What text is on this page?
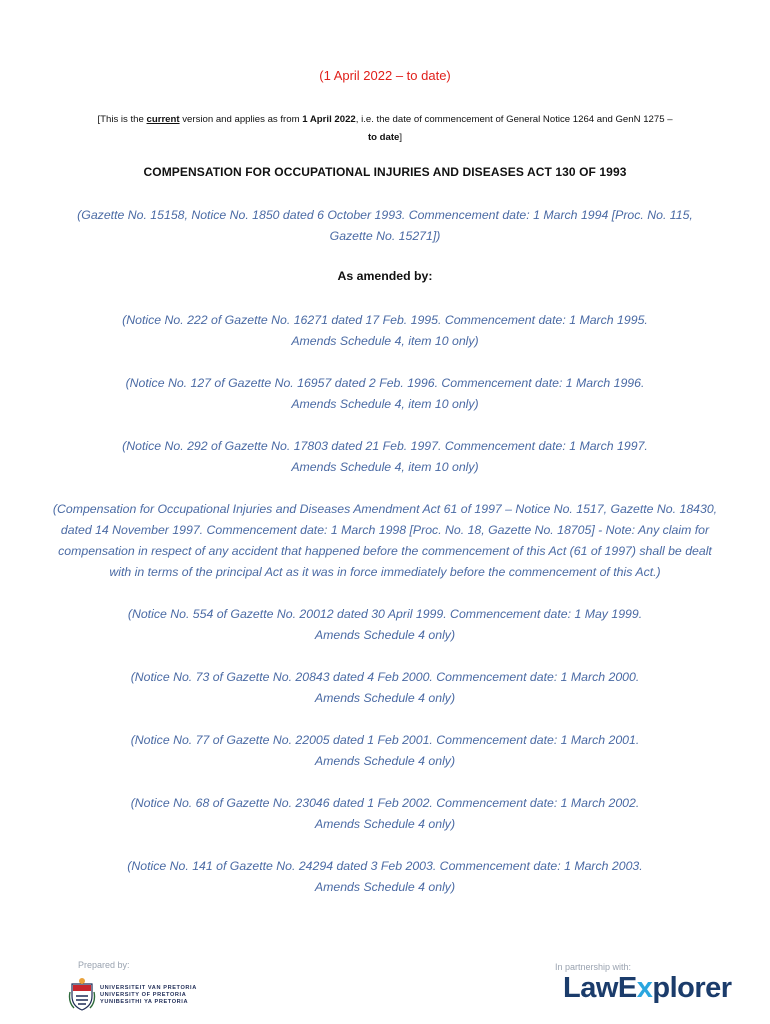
(1 April 2022 – to date)
[This is the current version and applies as from 1 April 2022, i.e. the date of commencement of General Notice 1264 and GenN 1275 –
to date]
COMPENSATION FOR OCCUPATIONAL INJURIES AND DISEASES ACT 130 OF 1993
(Gazette No. 15158, Notice No. 1850 dated 6 October 1993. Commencement date: 1 March 1994 [Proc. No. 115, Gazette No. 15271])
As amended by:
(Notice No. 222 of Gazette No. 16271 dated 17 Feb. 1995. Commencement date: 1 March 1995.
Amends Schedule 4, item 10 only)
(Notice No. 127 of Gazette No. 16957 dated 2 Feb. 1996. Commencement date: 1 March 1996.
Amends Schedule 4, item 10 only)
(Notice No. 292 of Gazette No. 17803 dated 21 Feb. 1997. Commencement date: 1 March 1997.
Amends Schedule 4, item 10 only)
(Compensation for Occupational Injuries and Diseases Amendment Act 61 of 1997 – Notice No. 1517, Gazette No. 18430, dated 14 November 1997. Commencement date: 1 March 1998 [Proc. No. 18, Gazette No. 18705] - Note: Any claim for compensation in respect of any accident that happened before the commencement of this Act (61 of 1997) shall be dealt with in terms of the principal Act as it was in force immediately before the commencement of this Act.)
(Notice No. 554 of Gazette No. 20012 dated 30 April 1999. Commencement date: 1 May 1999.
Amends Schedule 4 only)
(Notice No. 73 of Gazette No. 20843 dated 4 Feb 2000. Commencement date: 1 March 2000.
Amends Schedule 4 only)
(Notice No. 77 of Gazette No. 22005 dated 1 Feb 2001. Commencement date: 1 March 2001.
Amends Schedule 4 only)
(Notice No. 68 of Gazette No. 23046 dated 1 Feb 2002. Commencement date: 1 March 2002.
Amends Schedule 4 only)
(Notice No. 141 of Gazette No. 24294 dated 3 Feb 2003. Commencement date: 1 March 2003.
Amends Schedule 4 only)
Prepared by:
UNIVERSITEIT VAN PRETORIA
UNIVERSITY OF PRETORIA
YUNIBESITHI YA PRETORIA
In partnership with:
LawExplorer
